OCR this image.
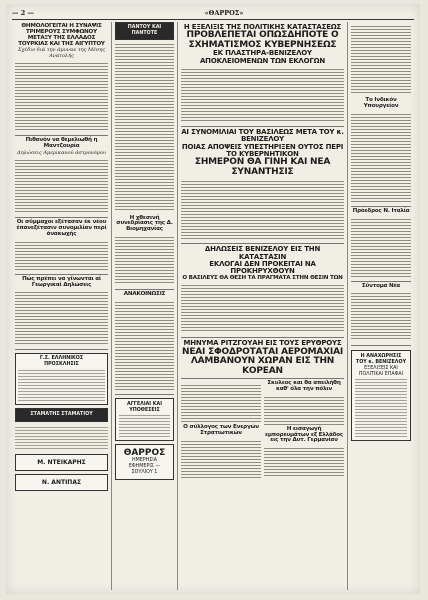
— 2 —	«ΘΑΡΡΟΣ»
ΘΗΜΟΛΟΓΕΙΤΑΙ Η ΣΥΝΑΨΙΣ ΤΡΙΜΕΡΟΥΣ ΣΥΜΦΩΝΟΥ ΜΕΤΑΞΥ ΤΗΣ ΕΛΛΑΔΟΣ ΤΟΥΡΚΙΑΣ ΚΑΙ ΤΗΣ ΑΙΓΥΠΤΟΥ
Σχέδιο διά την άμυναν της Μέσης Ανατολής
Πιθανόν να θεμελιωθή η Μαντζουρία
Δηλώσεις Αμερικανού άστρονόμου
Οι σύμμαχοι εξέτασαν έκ νέου έπανεξέτασιν συνομιλίαν περί άνακωχής
Πώς πρέπει να γίνωνται αί Γεωργικαί Δηλώσεις
Γ.Σ. ΕΛΛΗΝΙΚΟΣ
ΠΡΟΣΚΛΗΣΙΣ
ΣΤΑΜΑΤΗΣ ΣΤΑΜΑΤΙΟΥ
Μ. ΝΤΕΙΚΑΡΗΣ
Ν. ΑΝΤΙΠΑΣ
ΠΑΝΤΟΥ ΚΑΙ ΠΑΝΤΟΤΕ
Η χθεσινή συνεδρίασις της Δ. Βιομηχανίας
ΑΝΑΚΟΙΝΩΣΙΣ
ΑΓΓΕΛΙΑΙ ΚΑΙ ΥΠΟΘΕΣΕΙΣ
ΘΑΡΡΟΣ
ΗΜΕΡΗΣΙΑ ΕΦΗΜΕΡΙΣ — ΣΟΥΛΙΟΥ 1
Η ΕΞΕΛΙΞΙΣ ΤΗΣ ΠΟΛΙΤΙΚΗΣ ΚΑΤΑΣΤΑΣΕΩΣ
ΠΡΟΒΛΕΠΕΤΑΙ ΟΠΩΣΔΗΠΟΤΕ Ο ΣΧΗΜΑΤΙΣΜΟΣ ΚΥΒΕΡΝΗΣΕΩΣ
ΕΚ ΠΛΑΣΤΗΡΑ-ΒΕΝΙΖΕΛΟΥ ΑΠΟΚΛΕΙΟΜΕΝΩΝ ΤΩΝ ΕΚΛΟΓΩΝ
ΑΙ ΣΥΝΟΜΙΛΙΑΙ ΤΟΥ ΒΑΣΙΛΕΩΣ ΜΕΤΑ ΤΟΥ κ. ΒΕΝΙΖΕΛΟΥ
ΠΟΙΑΣ ΑΠΟΨΕΙΣ ΥΠΕΣΤΗΡΙΞΕΝ ΟΥΤΟΣ ΠΕΡΙ ΤΟ ΚΥΒΕΡΝΗΤΙΚΟΝ
ΣΗΜΕΡΟΝ ΘΑ ΓΙΝΗ ΚΑΙ ΝΕΑ ΣΥΝΑΝΤΗΣΙΣ
ΔΗΛΩΣΕΙΣ ΒΕΝΙΖΕΛΟΥ ΕΙΣ ΤΗΝ ΚΑΤΑΣΤΑΣΙΝ
ΕΚΛΟΓΑΙ ΔΕΝ ΠΡΟΚΕΙΤΑΙ ΝΑ ΠΡΟΚΗΡΥΧΘΟΥΝ
Ο ΒΑΣΙΛΕΥΣ ΘΑ ΘΕΣΗ ΤΑ ΠΡΑΓΜΑΤΑ ΣΤΗΝ ΘΕΣΙΝ ΤΩΝ
ΜΗΝΥΜΑ ΡΙΤΖΓΟΥΑΗ ΕΙΣ ΤΟΥΣ ΕΡΥΘΡΟΥΣ
ΝΕΑΙ ΣΦΟΔΡΟΤΑΤΑΙ ΑΕΡΟΜΑΧΙΑΙ ΛΑΜΒΑΝΟΥΝ ΧΩΡΑΝ ΕΙΣ ΤΗΝ ΚΟΡΕΑΝ
Ο σύλλογος των Ενεργών Στρατιωτικών
Σκυλεος και θα απειλήθη καθ' όλα την πόλιν
Η εισαγωγή εμπορευμάτων εξ Ελλάδος εις την Δυτ. Γερμανίαν
Το Ινδικόν Υπουργείον
Πρόεδρος Ν. Ιταλία
Σύντομα Νέα
Η ΑΝΑΧΩΡΗΣΙΣ ΤΟΥ κ. ΒΕΝΙΖΕΛΟΥ
ΕΞΕΛΙΞΕΙΣ ΚΑΙ ΠΟΛΙΤΙΚΑΙ ΕΠΑΦΑΙ
